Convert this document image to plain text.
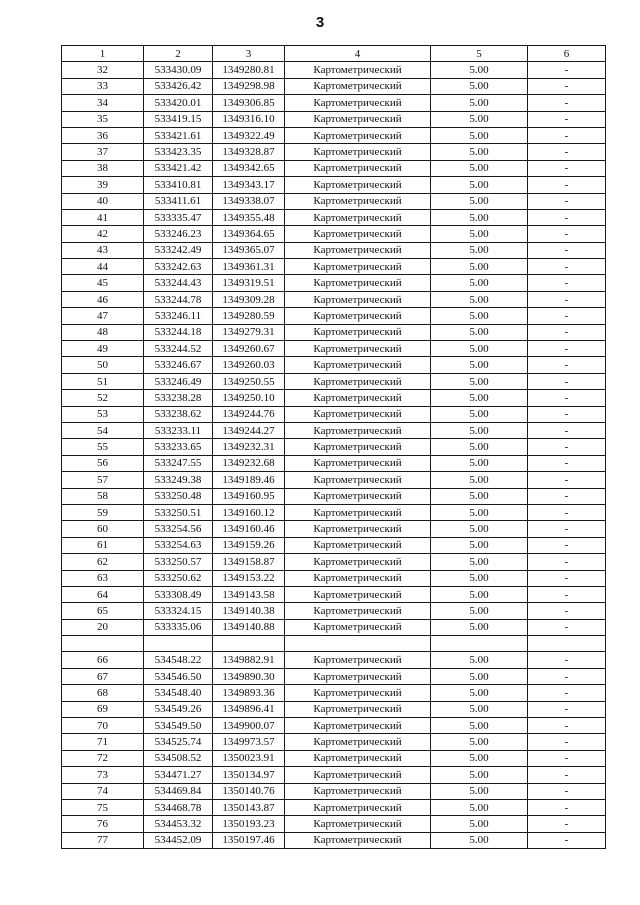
3
1	2	3	4	5	6
32	533430.09	1349280.81	Картометрический	5.00	-
33	533426.42	1349298.98	Картометрический	5.00	-
34	533420.01	1349306.85	Картометрический	5.00	-
35	533419.15	1349316.10	Картометрический	5.00	-
36	533421.61	1349322.49	Картометрический	5.00	-
37	533423.35	1349328.87	Картометрический	5.00	-
38	533421.42	1349342.65	Картометрический	5.00	-
39	533410.81	1349343.17	Картометрический	5.00	-
40	533411.61	1349338.07	Картометрический	5.00	-
41	533335.47	1349355.48	Картометрический	5.00	-
42	533246.23	1349364.65	Картометрический	5.00	-
43	533242.49	1349365.07	Картометрический	5.00	-
44	533242.63	1349361.31	Картометрический	5.00	-
45	533244.43	1349319.51	Картометрический	5.00	-
46	533244.78	1349309.28	Картометрический	5.00	-
47	533246.11	1349280.59	Картометрический	5.00	-
48	533244.18	1349279.31	Картометрический	5.00	-
49	533244.52	1349260.67	Картометрический	5.00	-
50	533246.67	1349260.03	Картометрический	5.00	-
51	533246.49	1349250.55	Картометрический	5.00	-
52	533238.28	1349250.10	Картометрический	5.00	-
53	533238.62	1349244.76	Картометрический	5.00	-
54	533233.11	1349244.27	Картометрический	5.00	-
55	533233.65	1349232.31	Картометрический	5.00	-
56	533247.55	1349232.68	Картометрический	5.00	-
57	533249.38	1349189.46	Картометрический	5.00	-
58	533250.48	1349160.95	Картометрический	5.00	-
59	533250.51	1349160.12	Картометрический	5.00	-
60	533254.56	1349160.46	Картометрический	5.00	-
61	533254.63	1349159.26	Картометрический	5.00	-
62	533250.57	1349158.87	Картометрический	5.00	-
63	533250.62	1349153.22	Картометрический	5.00	-
64	533308.49	1349143.58	Картометрический	5.00	-
65	533324.15	1349140.38	Картометрический	5.00	-
20	533335.06	1349140.88	Картометрический	5.00	-

66	534548.22	1349882.91	Картометрический	5.00	-
67	534546.50	1349890.30	Картометрический	5.00	-
68	534548.40	1349893.36	Картометрический	5.00	-
69	534549.26	1349896.41	Картометрический	5.00	-
70	534549.50	1349900.07	Картометрический	5.00	-
71	534525.74	1349973.57	Картометрический	5.00	-
72	534508.52	1350023.91	Картометрический	5.00	-
73	534471.27	1350134.97	Картометрический	5.00	-
74	534469.84	1350140.76	Картометрический	5.00	-
75	534468.78	1350143.87	Картометрический	5.00	-
76	534453.32	1350193.23	Картометрический	5.00	-
77	534452.09	1350197.46	Картометрический	5.00	-
